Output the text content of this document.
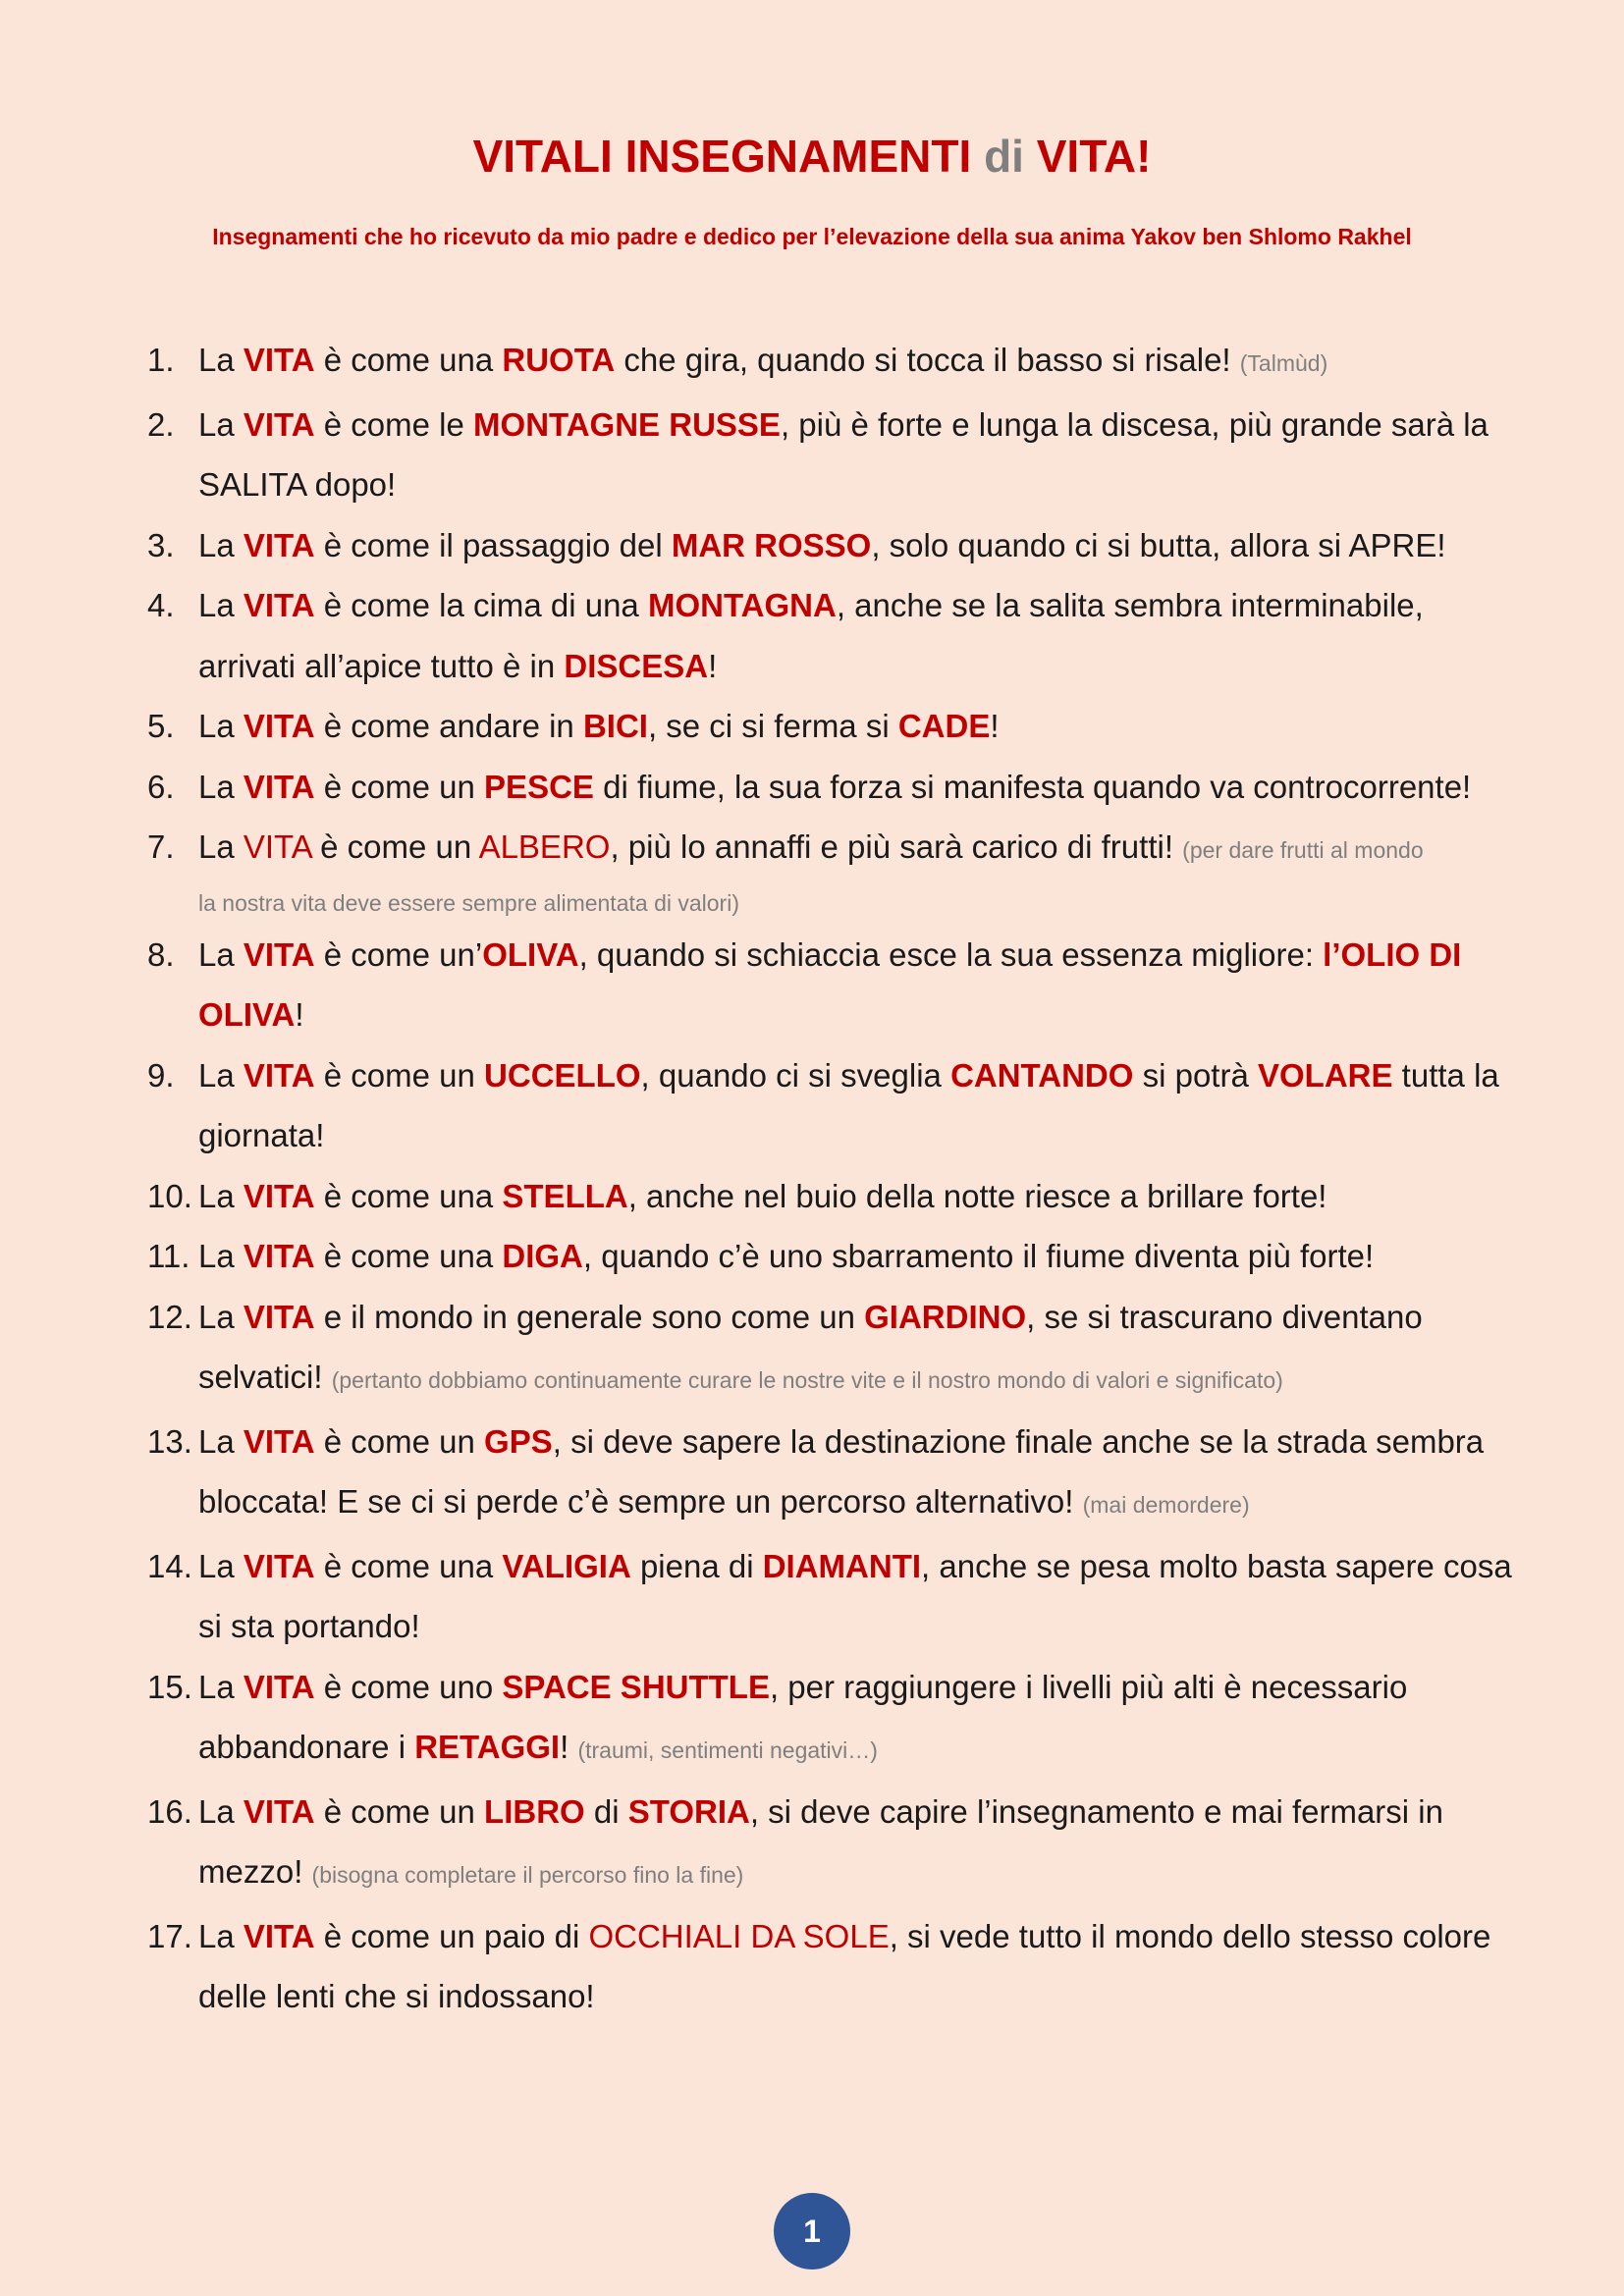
VITALI INSEGNAMENTI di VITA!

Insegnamenti che ho ricevuto da mio padre e dedico per l’elevazione della sua anima Yakov ben Shlomo Rakhel

1. La VITA è come una RUOTA che gira, quando si tocca il basso si risale! (Talmùd)
2. La VITA è come le MONTAGNE RUSSE, più è forte e lunga la discesa, più grande sarà la SALITA dopo!
3. La VITA è come il passaggio del MAR ROSSO, solo quando ci si butta, allora si APRE!
4. La VITA è come la cima di una MONTAGNA, anche se la salita sembra interminabile, arrivati all’apice tutto è in DISCESA!
5. La VITA è come andare in BICI, se ci si ferma si CADE!
6. La VITA è come un PESCE di fiume, la sua forza si manifesta quando va controcorrente!
7. La VITA è come un ALBERO, più lo annaffi e più sarà carico di frutti! (per dare frutti al mondo
la nostra vita deve essere sempre alimentata di valori)
8. La VITA è come un’OLIVA, quando si schiaccia esce la sua essenza migliore: l’OLIO DI OLIVA!
9. La VITA è come un UCCELLO, quando ci si sveglia CANTANDO si potrà VOLARE tutta la giornata!
10. La VITA è come una STELLA, anche nel buio della notte riesce a brillare forte!
11. La VITA è come una DIGA, quando c’è uno sbarramento il fiume diventa più forte!
12. La VITA e il mondo in generale sono come un GIARDINO, se si trascurano diventano selvatici! (pertanto dobbiamo continuamente curare le nostre vite e il nostro mondo di valori e significato)
13. La VITA è come un GPS, si deve sapere la destinazione finale anche se la strada sembra bloccata! E se ci si perde c’è sempre un percorso alternativo! (mai demordere)
14. La VITA è come una VALIGIA piena di DIAMANTI, anche se pesa molto basta sapere cosa si sta portando!
15. La VITA è come uno SPACE SHUTTLE, per raggiungere i livelli più alti è necessario abbandonare i RETAGGI! (traumi, sentimenti negativi…)
16. La VITA è come un LIBRO di STORIA, si deve capire l’insegnamento e mai fermarsi in mezzo! (bisogna completare il percorso fino la fine)
17. La VITA è come un paio di OCCHIALI DA SOLE, si vede tutto il mondo dello stesso colore delle lenti che si indossano!
1
